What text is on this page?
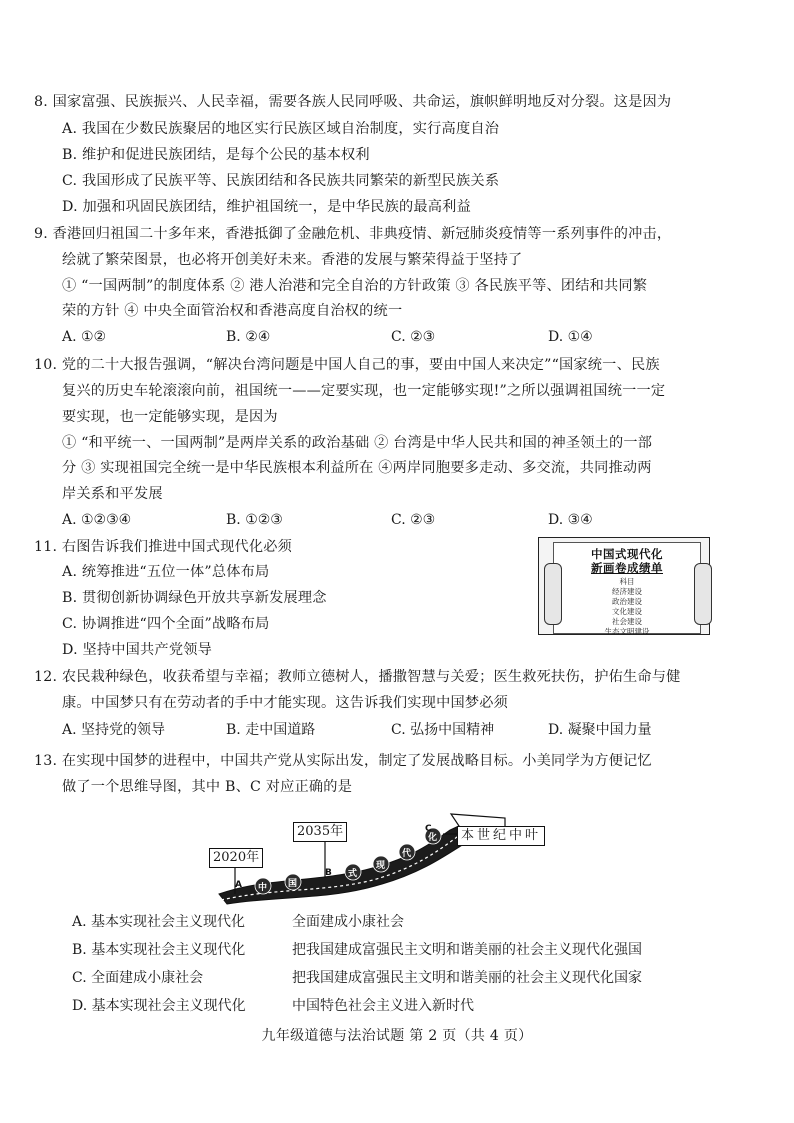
8. 国家富强、民族振兴、人民幸福，需要各族人民同呼吸、共命运，旗帜鲜明地反对分裂。这是因为
A. 我国在少数民族聚居的地区实行民族区域自治制度，实行高度自治
B. 维护和促进民族团结，是每个公民的基本权利
C. 我国形成了民族平等、民族团结和各民族共同繁荣的新型民族关系
D. 加强和巩固民族团结，维护祖国统一，是中华民族的最高利益
9. 香港回归祖国二十多年来，香港抵御了金融危机、非典疫情、新冠肺炎疫情等一系列事件的冲击，
绘就了繁荣图景，也必将开创美好未来。香港的发展与繁荣得益于坚持了
① “一国两制”的制度体系 ② 港人治港和完全自治的方针政策 ③ 各民族平等、团结和共同繁
荣的方针 ④ 中央全面管治权和香港高度自治权的统一
A. ①②	B. ②④	C. ②③	D. ①④
10. 党的二十大报告强调，“解决台湾问题是中国人自己的事，要由中国人来决定”“国家统一、民族
复兴的历史车轮滚滚向前，祖国统一——定要实现，也一定能够实现!”之所以强调祖国统一一定
要实现，也一定能够实现，是因为
① “和平统一、一国两制”是两岸关系的政治基础 ② 台湾是中华人民共和国的神圣领土的一部
分 ③ 实现祖国完全统一是中华民族根本利益所在 ④两岸同胞要多走动、多交流，共同推动两
岸关系和平发展
A. ①②③④	B. ①②③	C. ②③	D. ③④
11. 右图告诉我们推进中国式现代化必须
A. 统筹推进“五位一体”总体布局
B. 贯彻创新协调绿色开放共享新发展理念
C. 协调推进“四个全面”战略布局
D. 坚持中国共产党领导
中国式现代化
新画卷成绩单
科目
经济建设
政治建设
文化建设
社会建设
生态文明建设
12. 农民栽种绿色，收获希望与幸福；教师立德树人，播撒智慧与关爱；医生救死扶伤，护佑生命与健
康。中国梦只有在劳动者的手中才能实现。这告诉我们实现中国梦必须
A. 坚持党的领导	B. 走中国道路	C. 弘扬中国精神	D. 凝聚中国力量
13. 在实现中国梦的进程中，中国共产党从实际出发，制定了发展战略目标。小美同学为方便记忆
做了一个思维导图，其中 B、C 对应正确的是
2020年
2035年	本世纪中叶
A
B
C
中 国
式
现
代
化
A. 基本实现社会主义现代化	全面建成小康社会
B. 基本实现社会主义现代化	把我国建成富强民主文明和谐美丽的社会主义现代化强国
C. 全面建成小康社会	把我国建成富强民主文明和谐美丽的社会主义现代化国家
D. 基本实现社会主义现代化	中国特色社会主义进入新时代
九年级道德与法治试题 第 2 页（共 4 页）
